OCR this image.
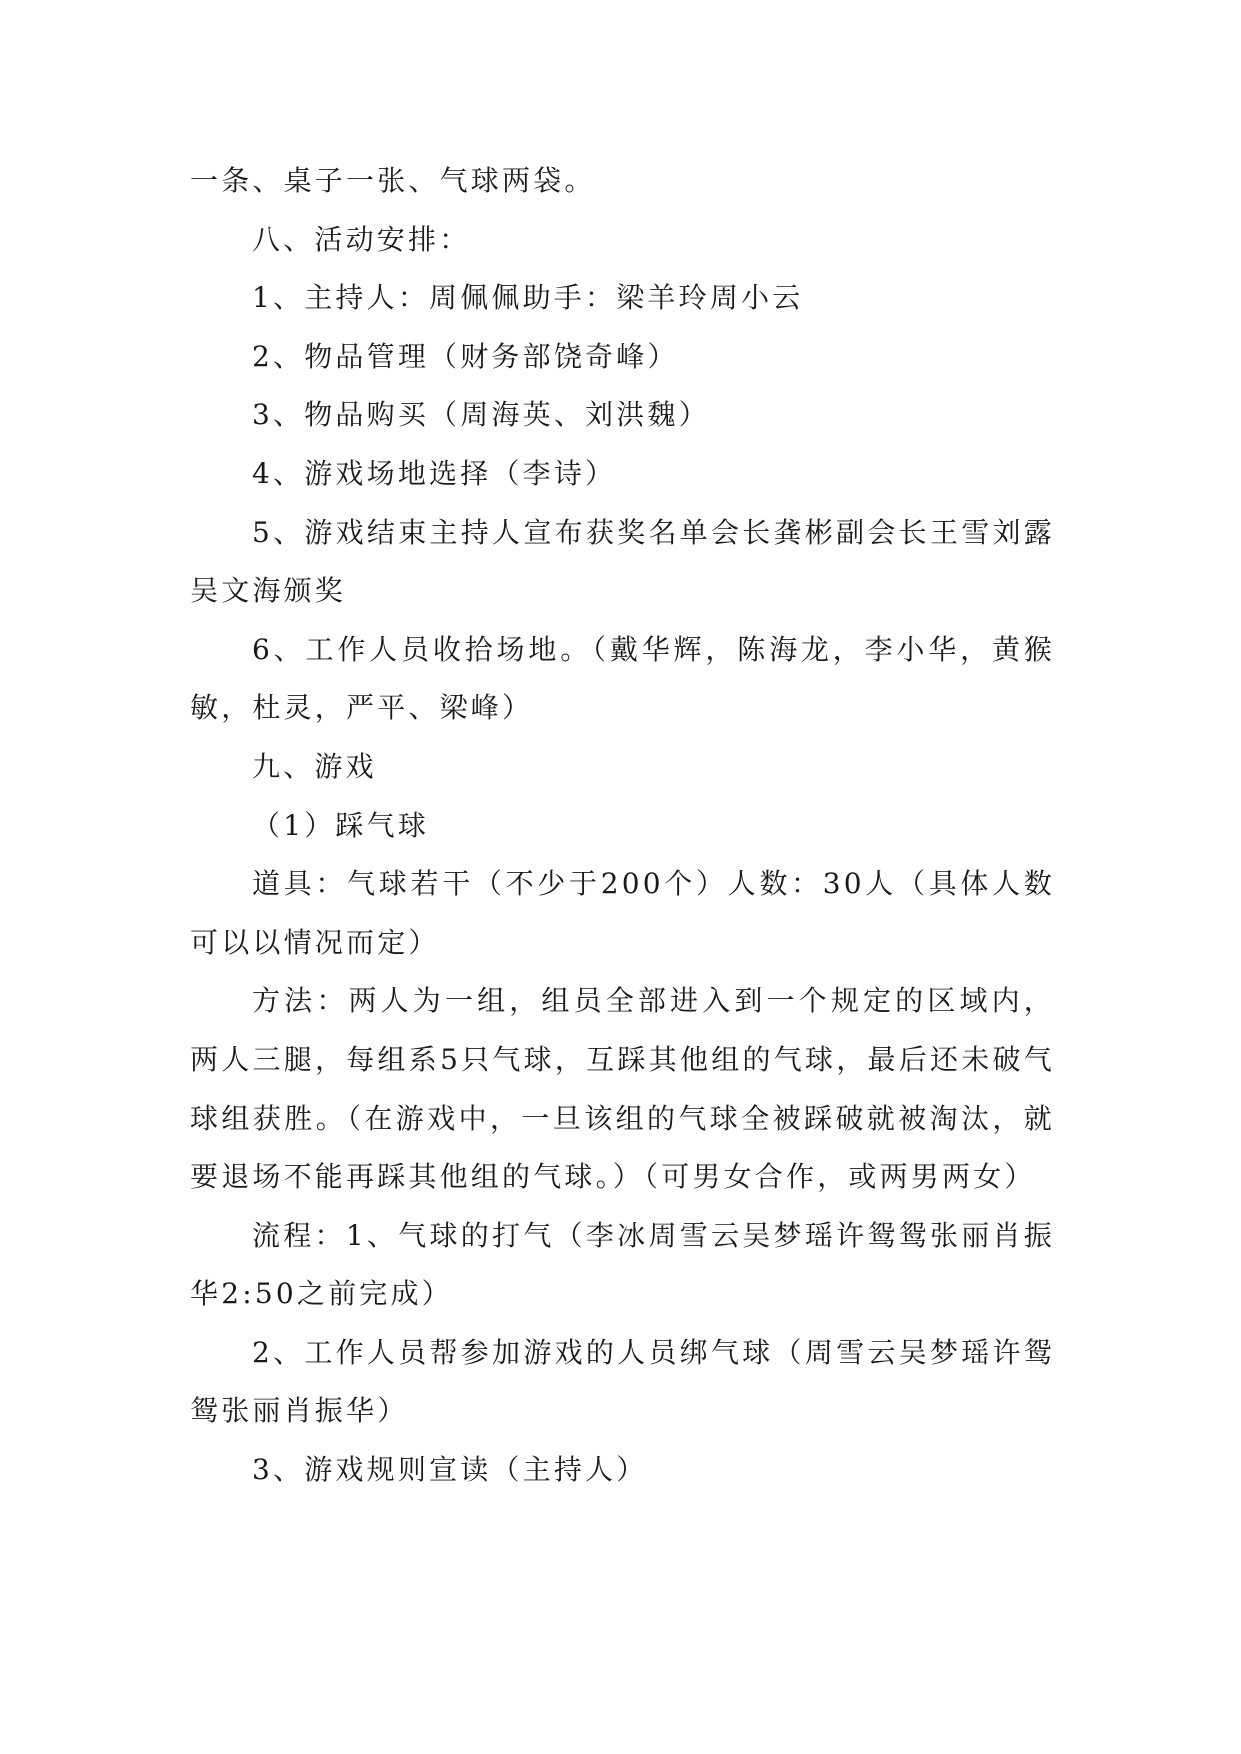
一条、桌子一张、气球两袋。

八、活动安排：

1、主持人：周佩佩助手：梁羊玲周小云

2、物品管理（财务部饶奇峰）

3、物品购买（周海英、刘洪魏）

4、游戏场地选择（李诗）

5、游戏结束主持人宣布获奖名单会长龚彬副会长王雪刘露吴文海颁奖

6、工作人员收拾场地。（戴华辉，陈海龙，李小华，黄猴敏，杜灵，严平、梁峰）

九、游戏

（1）踩气球

道具：气球若干（不少于200个）人数：30人（具体人数可以以情况而定）

方法：两人为一组，组员全部进入到一个规定的区域内，两人三腿，每组系5只气球，互踩其他组的气球，最后还未破气球组获胜。（在游戏中，一旦该组的气球全被踩破就被淘汰，就要退场不能再踩其他组的气球。）（可男女合作，或两男两女）

流程：1、气球的打气（李冰周雪云吴梦瑶许鸳鸳张丽肖振华2:50之前完成）

2、工作人员帮参加游戏的人员绑气球（周雪云吴梦瑶许鸳鸳张丽肖振华）

3、游戏规则宣读（主持人）
